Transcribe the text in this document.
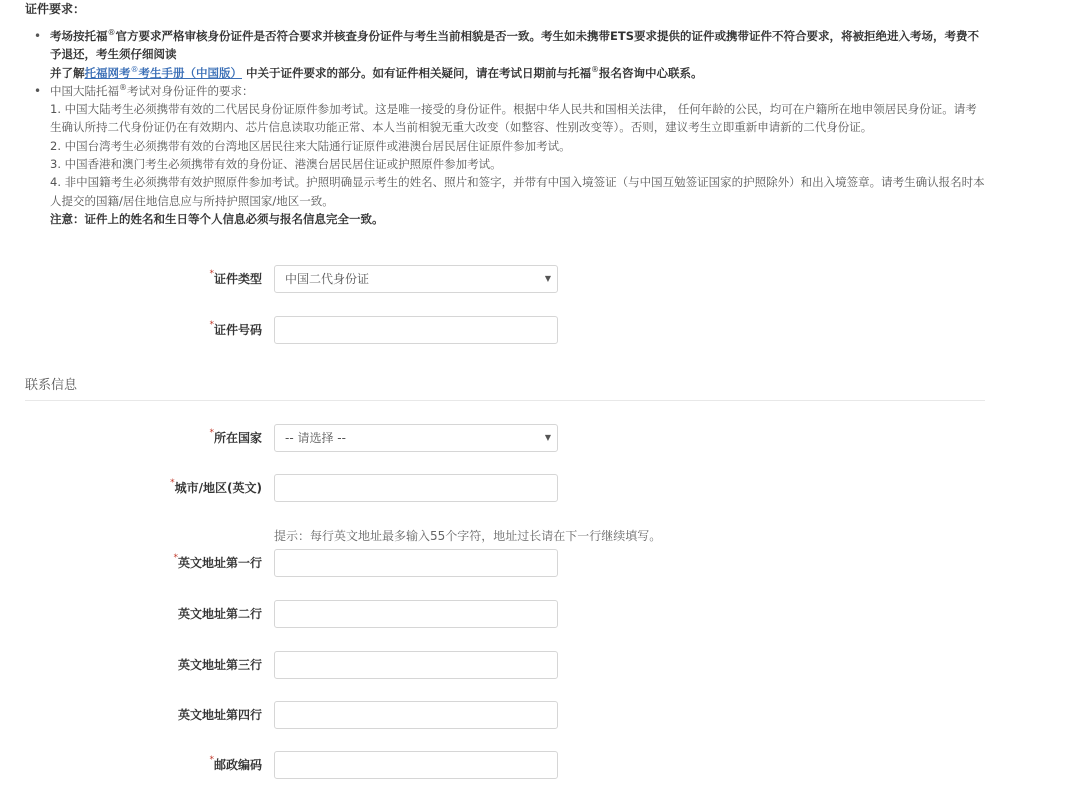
证件要求：
• 考场按托福®官方要求严格审核身份证件是否符合要求并核查身份证件与考生当前相貌是否一致。考生如未携带ETS要求提供的证件或携带证件不符合要求，将被拒绝进入考场，考费不予退还，考生须仔细阅读
并了解托福网考®考生手册（中国版） 中关于证件要求的部分。如有证件相关疑问，请在考试日期前与托福®报名咨询中心联系。
• 中国大陆托福®考试对身份证件的要求：
1. 中国大陆考生必须携带有效的二代居民身份证原件参加考试。这是唯一接受的身份证件。根据中华人民共和国相关法律， 任何年龄的公民，均可在户籍所在地申领居民身份证。请考生确认所持二代身份证仍在有效期内、芯片信息读取功能正常、本人当前相貌无重大改变（如整容、性别改变等）。否则，建议考生立即重新申请新的二代身份证。
2. 中国台湾考生必须携带有效的台湾地区居民往来大陆通行证原件或港澳台居民居住证原件参加考试。
3. 中国香港和澳门考生必须携带有效的身份证、港澳台居民居住证或护照原件参加考试。
4. 非中国籍考生必须携带有效护照原件参加考试。护照明确显示考生的姓名、照片和签字，并带有中国入境签证（与中国互勉签证国家的护照除外）和出入境签章。请考生确认报名时本人提交的国籍/居住地信息应与所持护照国家/地区一致。
注意：证件上的姓名和生日等个人信息必须与报名信息完全一致。
*证件类型	中国二代身份证	▼
*证件号码
联系信息
*所在国家	-- 请选择 --	▼
*城市/地区(英文)
提示：每行英文地址最多输入55个字符，地址过长请在下一行继续填写。
*英文地址第一行
英文地址第二行
英文地址第三行
英文地址第四行
*邮政编码
